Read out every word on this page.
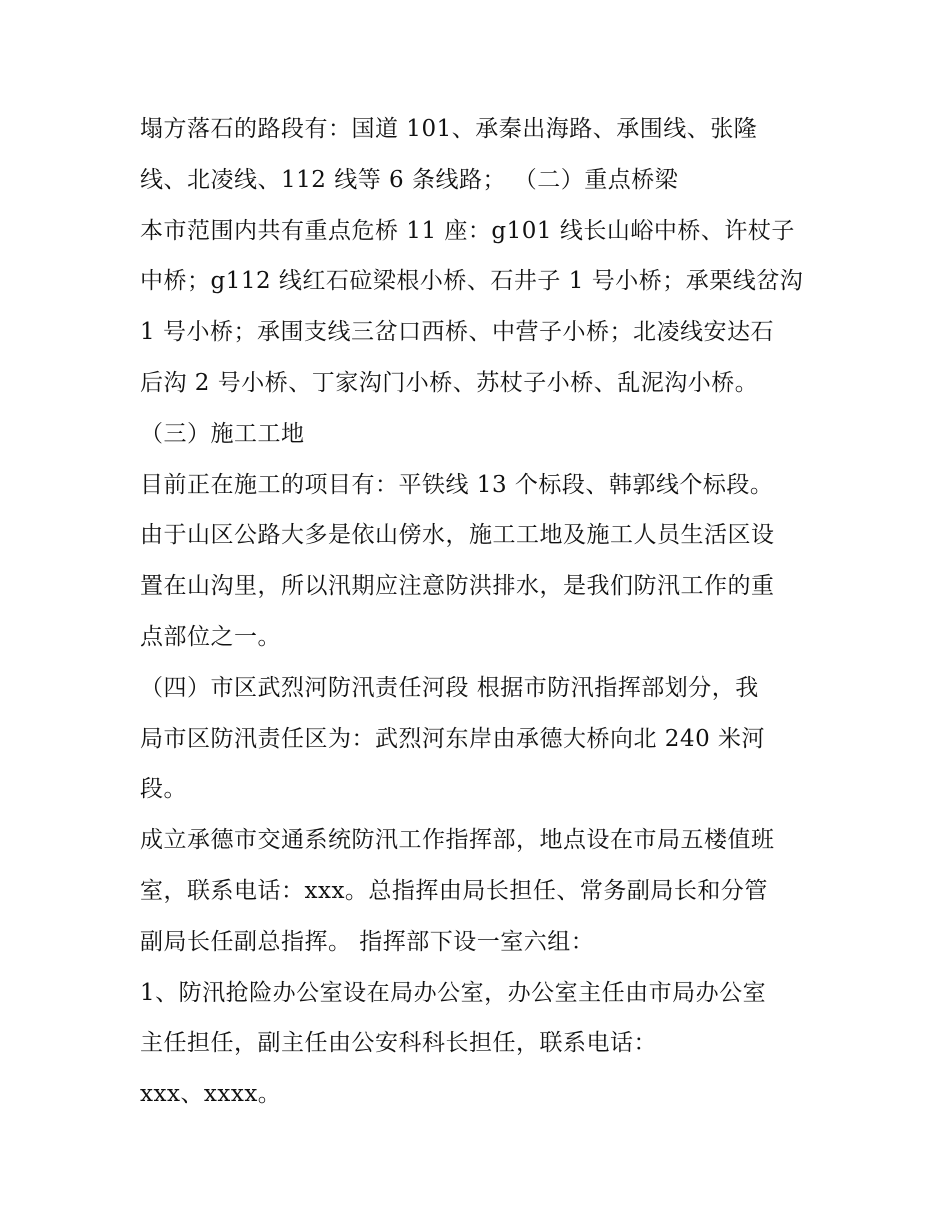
塌方落石的路段有：国道 101、承秦出海路、承围线、张隆
线、北凌线、112 线等 6 条线路； （二）重点桥梁
本市范围内共有重点危桥 11 座：g101 线长山峪中桥、许杖子
中桥；g112 线红石砬梁根小桥、石井子 1 号小桥；承栗线岔沟
1 号小桥；承围支线三岔口西桥、中营子小桥；北凌线安达石
后沟 2 号小桥、丁家沟门小桥、苏杖子小桥、乱泥沟小桥。
（三）施工工地
目前正在施工的项目有：平铁线 13 个标段、韩郭线个标段。
由于山区公路大多是依山傍水，施工工地及施工人员生活区设
置在山沟里，所以汛期应注意防洪排水，是我们防汛工作的重
点部位之一。
（四）市区武烈河防汛责任河段 根据市防汛指挥部划分，我
局市区防汛责任区为：武烈河东岸由承德大桥向北 240 米河
段。
成立承德市交通系统防汛工作指挥部，地点设在市局五楼值班
室，联系电话：xxx。总指挥由局长担任、常务副局长和分管
副局长任副总指挥。 指挥部下设一室六组：
1、防汛抢险办公室设在局办公室，办公室主任由市局办公室
主任担任，副主任由公安科科长担任，联系电话：
xxx、xxxx。
